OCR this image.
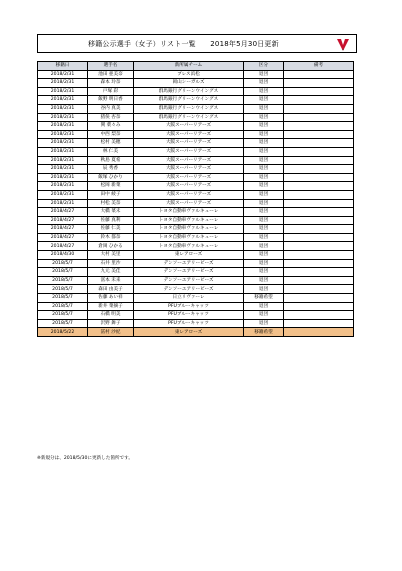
移籍公示選手（女子）リスト一覧　　2018年5月30日更新
移籍日	選手名	新所属チーム	区分	備考
2018/2/31	池田 亜美奈	ブレス浜松	退団	
2018/2/31	森本 玲奈	岡山シーガルズ	退団	
2018/2/31	戸塚 彩	群馬銀行グリーンウイングス	退団	
2018/2/31	飯野 明日香	群馬銀行グリーンウイングス	退団	
2018/2/31	谷内 真美	群馬銀行グリーンウイングス	退団	
2018/2/31	猪俣 杏奈	群馬銀行グリーンウイングス	退団	
2018/2/31	関 菜々み	大阪スーパーリアーズ	退団	
2018/2/31	中西 梨奈	大阪スーパーリアーズ	退団	
2018/2/31	松村 美穂	大阪スーパーリアーズ	退団	
2018/2/31	林 仁美	大阪スーパーリアーズ	退団	
2018/2/31	秋島 夏希	大阪スーパーリアーズ	退団	
2018/2/31	辰 秀香	大阪スーパーリアーズ	退団	
2018/2/31	飯塚 ひかり	大阪スーパーリアーズ	退団	
2018/2/31	松岡 新菜	大阪スーパーリアーズ	退団	
2018/2/31	田中 綾子	大阪スーパーリアーズ	退団	
2018/2/31	村松 美奈	大阪スーパーリアーズ	退団	
2018/4/27	大橋 菜未	トヨタ自動車ヴァルキューレ	退団	
2018/4/27	佐藤 真利	トヨタ自動車ヴァルキューレ	退団	
2018/4/27	佐藤 仁美	トヨタ自動車ヴァルキューレ	退団	
2018/4/27	鈴木 都奈	トヨタ自動車ヴァルキューレ	退団	
2018/4/27	倉岡 ひかる	トヨタ自動車ヴァルキューレ	退団	
2018/4/30	大村 美里	東レアローズ	退団	
2018/5/7	石井 里沙	デンソーエアリービーズ	退団	
2018/5/7	九元 美佳	デンソーエアリービーズ	退団	
2018/5/7	富本 未来	デンソーエアリービーズ	退団	
2018/5/7	森田 由美子	デンソーエアリービーズ	退団	
2018/5/7	佐藤 あい祥	日立リヴァーレ	移籍希望	
2018/5/7	新井 菜摘子	PFUブルーキャッツ	退団	
2018/5/7	石橋 明美	PFUブルーキャッツ	退団	
2018/5/7	沢野 舞子	PFUブルーキャッツ	退団	
2018/5/22	冨村 沙紀	東レアローズ	移籍希望	
※新規分は、2018/5/30に更新した箇所です。
